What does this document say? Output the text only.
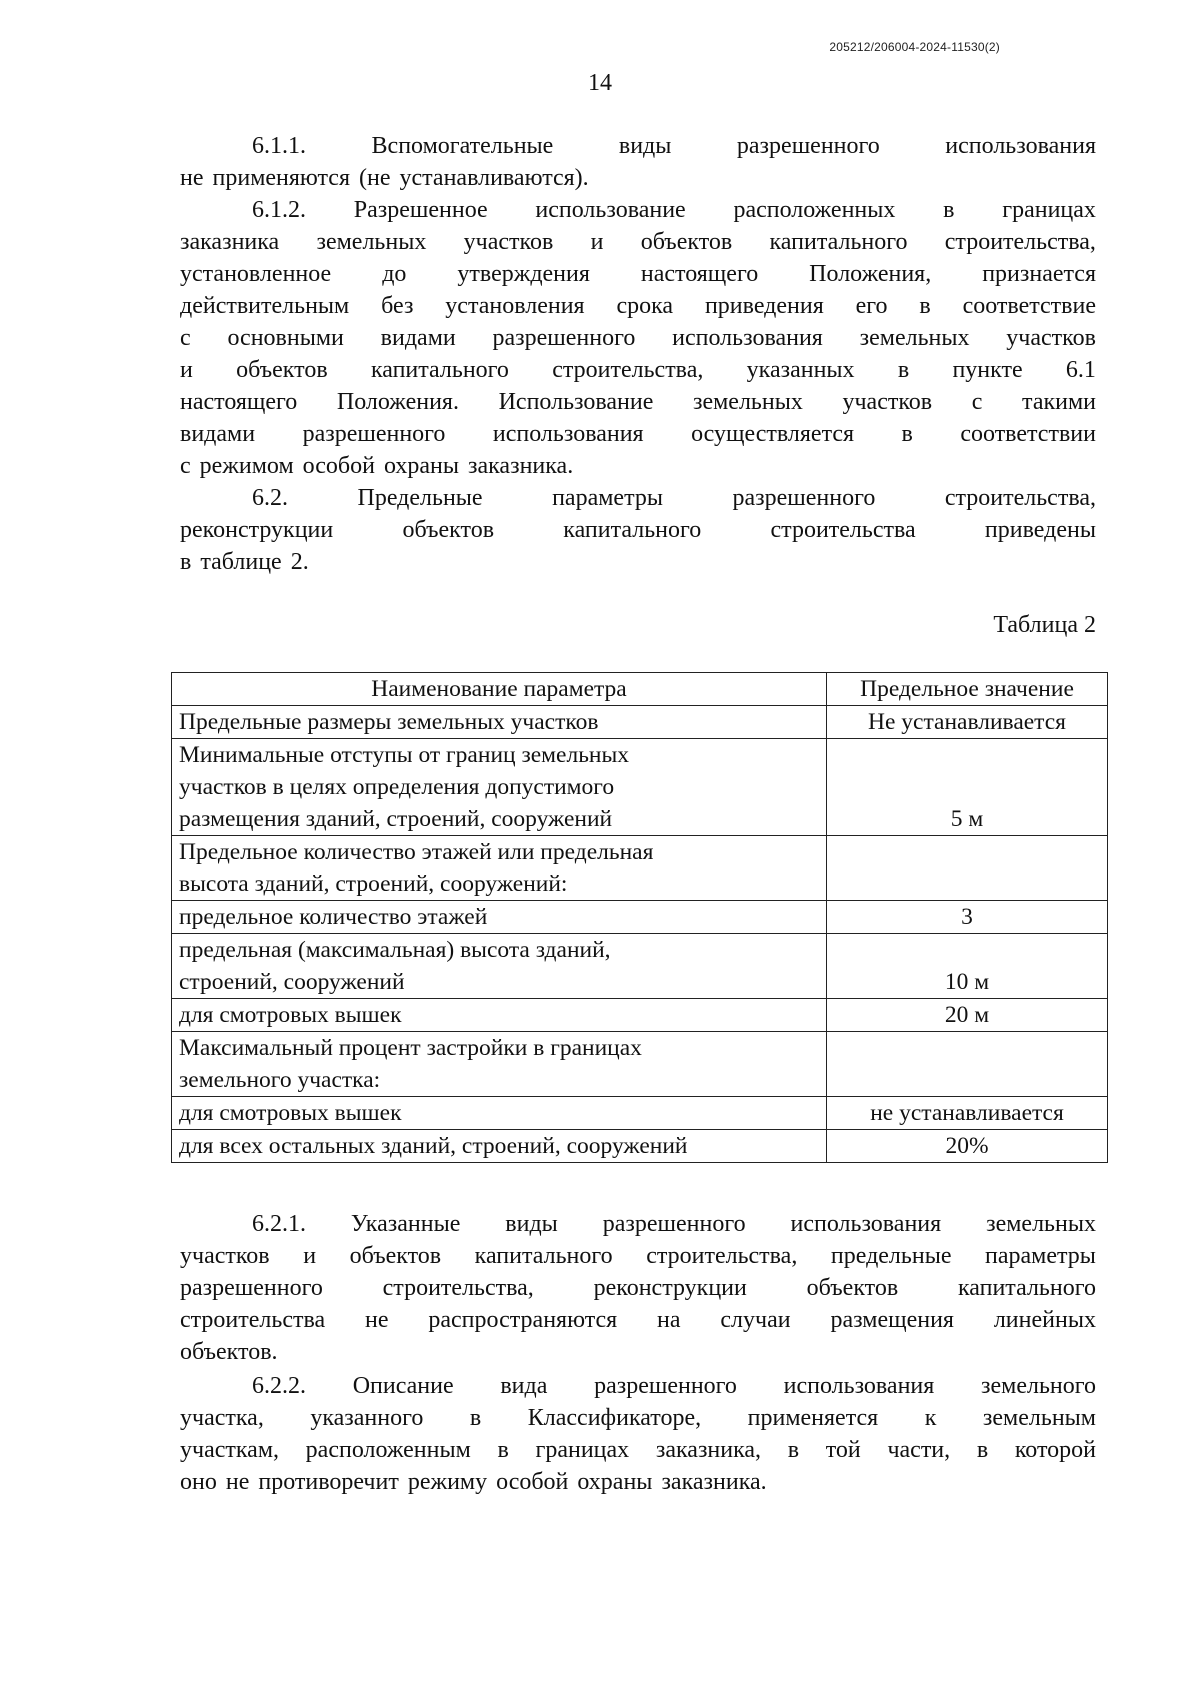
205212/206004-2024-11530(2)
14
6.1.1.	Вспомогательные	виды	разрешенного	использования
не применяются (не устанавливаются).
6.1.2. Разрешенное использование расположенных в границах
заказника земельных участков и объектов капитального строительства,
установленное до утверждения настоящего Положения, признается
действительным без установления срока приведения его в соответствие
с основными видами разрешенного использования земельных участков
и объектов капитального строительства, указанных в пункте 6.1
настоящего Положения. Использование земельных участков с такими
видами разрешенного использования осуществляется в соответствии
с режимом особой охраны заказника.
6.2.	Предельные	параметры	разрешенного	строительства,
реконструкции	объектов	капитального	строительства	приведены
в таблице 2.
Таблица 2
Наименование параметра	Предельное значение
Предельные размеры земельных участков	Не устанавливается

Минимальные отступы от границ земельных
участков в целях определения допустимого
размещения зданий, строений, сооружений	5 м

Предельное количество этажей или предельная
высота зданий, строений, сооружений:	

предельное количество этажей	3

предельная (максимальная) высота зданий,
строений, сооружений	10 м
для смотровых вышек	20 м

Максимальный процент застройки в границах
земельного участка:	

для смотровых вышек	не устанавливается
для всех остальных зданий, строений, сооружений	20%
6.2.1. Указанные виды разрешенного использования земельных
участков и объектов капитального строительства, предельные параметры
разрешенного строительства, реконструкции объектов капитального
строительства не распространяются на случаи размещения линейных
объектов.
6.2.2. Описание вида разрешенного использования земельного
участка, указанного в Классификаторе, применяется к земельным
участкам, расположенным в границах заказника, в той части, в которой
оно не противоречит режиму особой охраны заказника.
